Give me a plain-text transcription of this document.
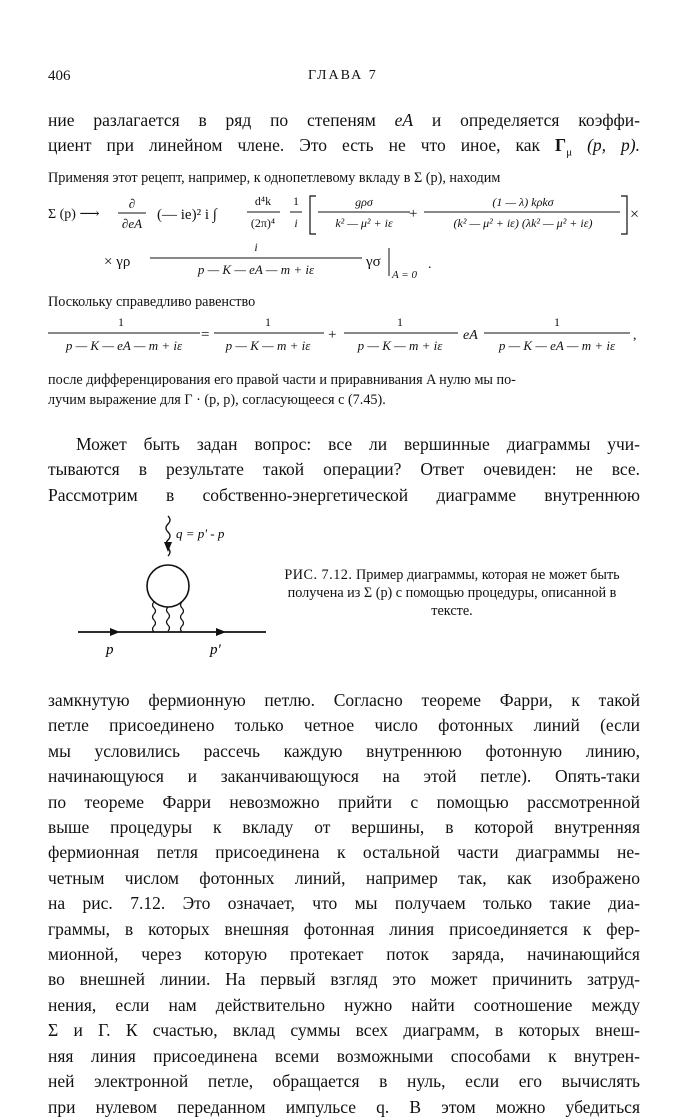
406	ГЛАВА 7
ние разлагается в ряд по степеням eA и определяется коэффи-
циент при линейном члене. Это есть не что иное, как $\Gamma_\mu$ (p, p).
Применяя этот рецепт, например, к однопетлевому вкладу в Σ (p), находим
Σ (p) ⟶
∂
∂eA
(— ie)² i ∫
d⁴k
(2π)⁴
1
i
gρσ
k² — μ² + iε
+
(1 — λ) kρkσ
(k² — μ² + iε) (λk² — μ² + iε) ×
× γρ
i
p — K — eA — m + iε	γσ
A = 0
.
Поскольку справедливо равенство
1
p — K — eA — m + iε
=
1
p — K — m + iε
+
1
p — K — m + iε
eA
1
p — K — eA — m + iε
,
после дифференцирования его правой части и приравнивания A нулю мы по-
лучим выражение для Γ · (p, p), согласующееся с (7.45).
Может быть задан вопрос: все ли вершинные диаграммы учи-
тываются в результате такой операции? Ответ очевиден: не все.
Рассмотрим в собственно-энергетической диаграмме внутреннюю
q = p' - p
p	p'
РИС. 7.12. Пример диаграммы, которая не может быть получена из Σ (p) с помощью процедуры, описанной в тексте.
замкнутую фермионную петлю. Согласно теореме Фарри, к такой
петле присоединено только четное число фотонных линий (если
мы условились рассечь каждую внутреннюю фотонную линию,
начинающуюся и заканчивающуюся на этой петле). Опять-таки
по теореме Фарри невозможно прийти с помощью рассмотренной
выше процедуры к вкладу от вершины, в которой внутренняя
фермионная петля присоединена к остальной части диаграммы не-
четным числом фотонных линий, например так, как изображено
на рис. 7.12. Это означает, что мы получаем только такие диа-
граммы, в которых внешняя фотонная линия присоединяется к фер-
мионной, через которую протекает поток заряда, начинающийся
во внешней линии. На первый взгляд это может причинить затруд-
нения, если нам действительно нужно найти соотношение между
Σ и Γ. К счастью, вклад суммы всех диаграмм, в которых внеш-
няя линия присоединена всеми возможными способами к внутрен-
ней электронной петле, обращается в нуль, если его вычислять
при нулевом переданном импульсе q. В этом можно убедиться
